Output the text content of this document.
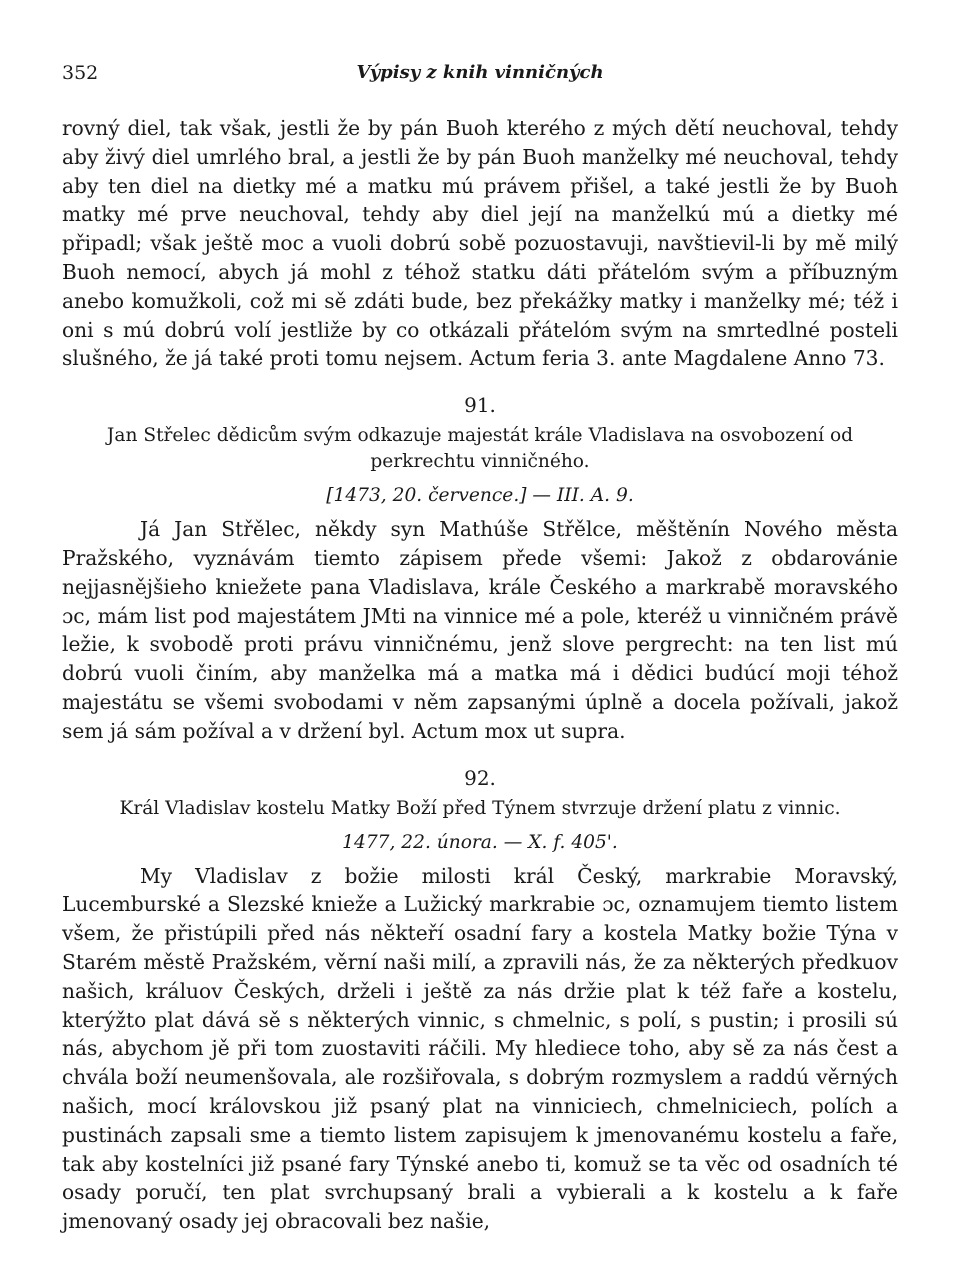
352	Výpisy z knih vinničných

rovný diel, tak však, jestli že by pán Buoh kterého z mých dětí neuchoval, tehdy aby živý diel umrlého bral, a jestli že by pán Buoh manželky mé neuchoval, tehdy aby ten diel na dietky mé a matku mú právem přišel, a také jestli že by Buoh matky mé prve neuchoval, tehdy aby diel její na manželkú mú a dietky mé připadl; však ještě moc a vuoli dobrú sobě pozuostavuji, navštievil-li by mě milý Buoh nemocí, abych já mohl z téhož statku dáti přátelóm svým a příbuzným anebo komužkoli, což mi sě zdáti bude, bez překážky matky i manželky mé; též i oni s mú dobrú volí jestliže by co otkázali přátelóm svým na smrtedlné posteli slušného, že já také proti tomu nejsem. Actum feria 3. ante Magdalene Anno 73.

91.
Jan Střelec dědicům svým odkazuje majestát krále Vladislava na osvobození od perkrechtu vinničného.
[1473, 20. července.] — III. A. 9.

Já Jan Střělec, někdy syn Mathúše Střělce, měštěnín Nového města Pražského, vyznávám tiemto zápisem přede všemi: Jakož z obdarovánie nejjasnějšieho kniežete pana Vladislava, krále Českého a markrabě moravského ɔc, mám list pod majestátem JMti na vinnice mé a pole, kteréž u vinničném právě ležie, k svobodě proti právu vinničnému, jenž slove pergrecht: na ten list mú dobrú vuoli činím, aby manželka má a matka má i dědici budúcí moji téhož majestátu se všemi svobodami v něm zapsanými úplně a docela požívali, jakož sem já sám požíval a v držení byl. Actum mox ut supra.

92.
Král Vladislav kostelu Matky Boží před Týnem stvrzuje držení platu z vinnic.
1477, 22. února. — X. f. 405'.

My Vladislav z božie milosti král Český, markrabie Moravský, Lucemburské a Slezské knieže a Lužický markrabie ɔc, oznamujem tiemto listem všem, že přistúpili před nás někteří osadní fary a kostela Matky božie Týna v Starém městě Pražském, věrní naši milí, a zpravili nás, že za některých předkuov našich, králuov Českých, drželi i ještě za nás držie plat k též faře a kostelu, kterýžto plat dává sě s některých vinnic, s chmelnic, s polí, s pustin; i prosili sú nás, abychom jě při tom zuostaviti ráčili. My hlediece toho, aby sě za nás čest a chvála boží neumenšovala, ale rozšiřovala, s dobrým rozmyslem a raddú věrných našich, mocí královskou již psaný plat na vinniciech, chmelniciech, polích a pustinách zapsali sme a tiemto listem zapisujem k jmenovanému kostelu a faře, tak aby kostelníci již psané fary Týnské anebo ti, komuž se ta věc od osadních té osady poručí, ten plat svrchupsaný brali a vybierali a k kostelu a k faře jmenovaný osady jej obracovali bez našie,
